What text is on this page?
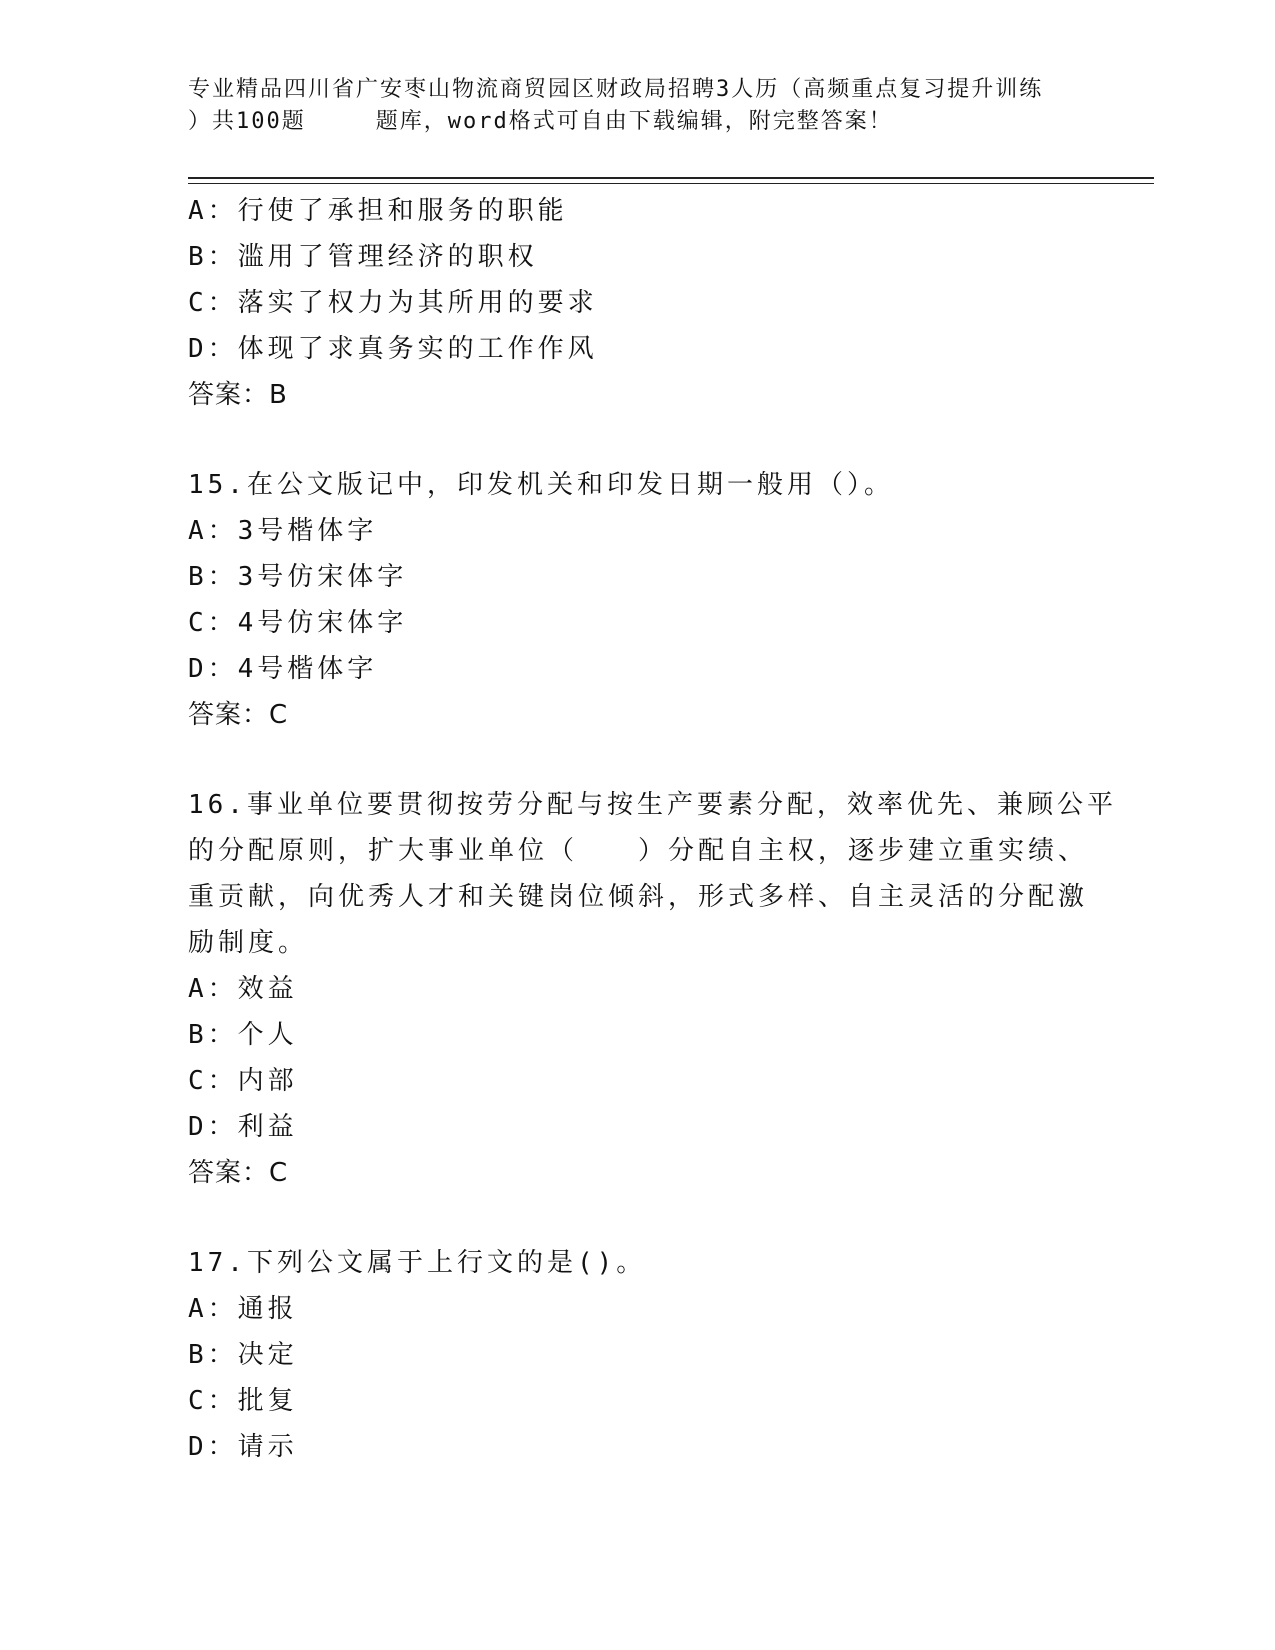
专业精品四川省广安枣山物流商贸园区财政局招聘3人历（高频重点复习提升训练
）共100题	题库，word格式可自由下载编辑，附完整答案！
A：行使了承担和服务的职能
B：滥用了管理经济的职权
C：落实了权力为其所用的要求
D：体现了求真务实的工作作风
答案：B
15.在公文版记中，印发机关和印发日期一般用（）。
A：3号楷体字
B：3号仿宋体字
C：4号仿宋体字
D：4号楷体字
答案：C
16.事业单位要贯彻按劳分配与按生产要素分配，效率优先、兼顾公平
的分配原则，扩大事业单位（　　）分配自主权，逐步建立重实绩、
重贡献，向优秀人才和关键岗位倾斜，形式多样、自主灵活的分配激
励制度。
A：效益
B：个人
C：内部
D：利益
答案：C
17.下列公文属于上行文的是()。
A：通报
B：决定
C：批复
D：请示
